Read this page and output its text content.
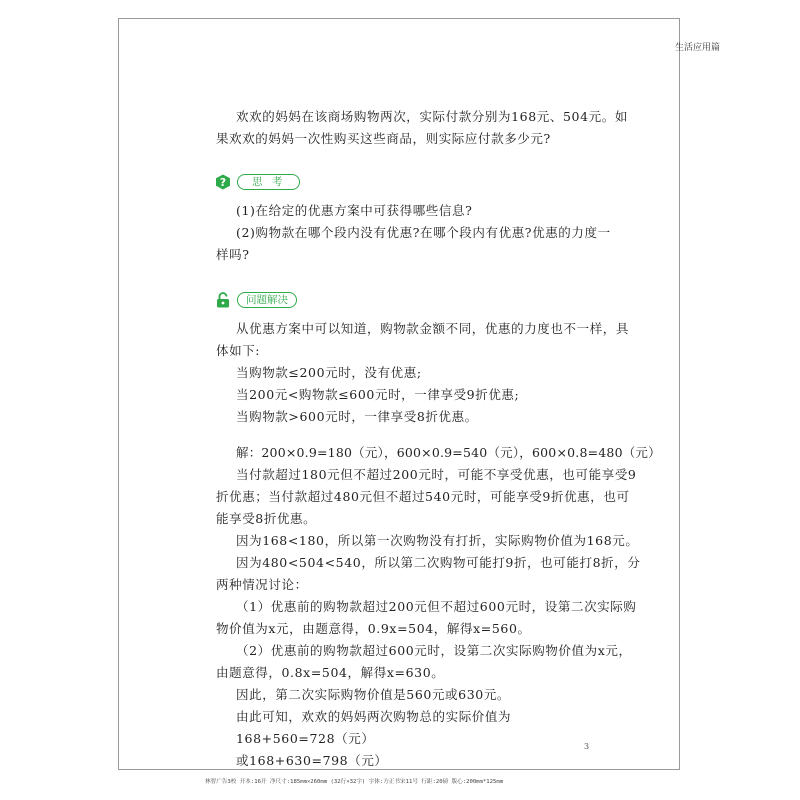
生活应用篇
欢欢的妈妈在该商场购物两次，实际付款分别为168元、504元。如
果欢欢的妈妈一次性购买这些商品，则实际应付款多少元?
?	思 考
(1)在给定的优惠方案中可获得哪些信息?
(2)购物款在哪个段内没有优惠?在哪个段内有优惠?优惠的力度一
样吗?
问题解决
从优惠方案中可以知道，购物款金额不同，优惠的力度也不一样，具
体如下:
当购物款≤200元时，没有优惠;
当200元<购物款≤600元时，一律享受9折优惠;
当购物款>600元时，一律享受8折优惠。
解：200×0.9=180（元），600×0.9=540（元），600×0.8=480（元）
当付款超过180元但不超过200元时，可能不享受优惠，也可能享受9
折优惠；当付款超过480元但不超过540元时，可能享受9折优惠，也可
能享受8折优惠。
因为168<180，所以第一次购物没有打折，实际购物价值为168元。
因为480<504<540，所以第二次购物可能打9折，也可能打8折，分
两种情况讨论：
（1）优惠前的购物款超过200元但不超过600元时，设第二次实际购
物价值为x元，由题意得，0.9x=504，解得x=560。
（2）优惠前的购物款超过600元时，设第二次实际购物价值为x元，
由题意得，0.8x=504，解得x=630。
因此，第二次实际购物价值是560元或630元。
由此可知，欢欢的妈妈两次购物总的实际价值为
168+560=728（元）
或168+630=798（元）
3
林智广告3校 开本:16开 净尺寸:185mm×260mm (32行×32字) 字体:方正书宋11号 行距:20磅 版心:200mm*125mm
